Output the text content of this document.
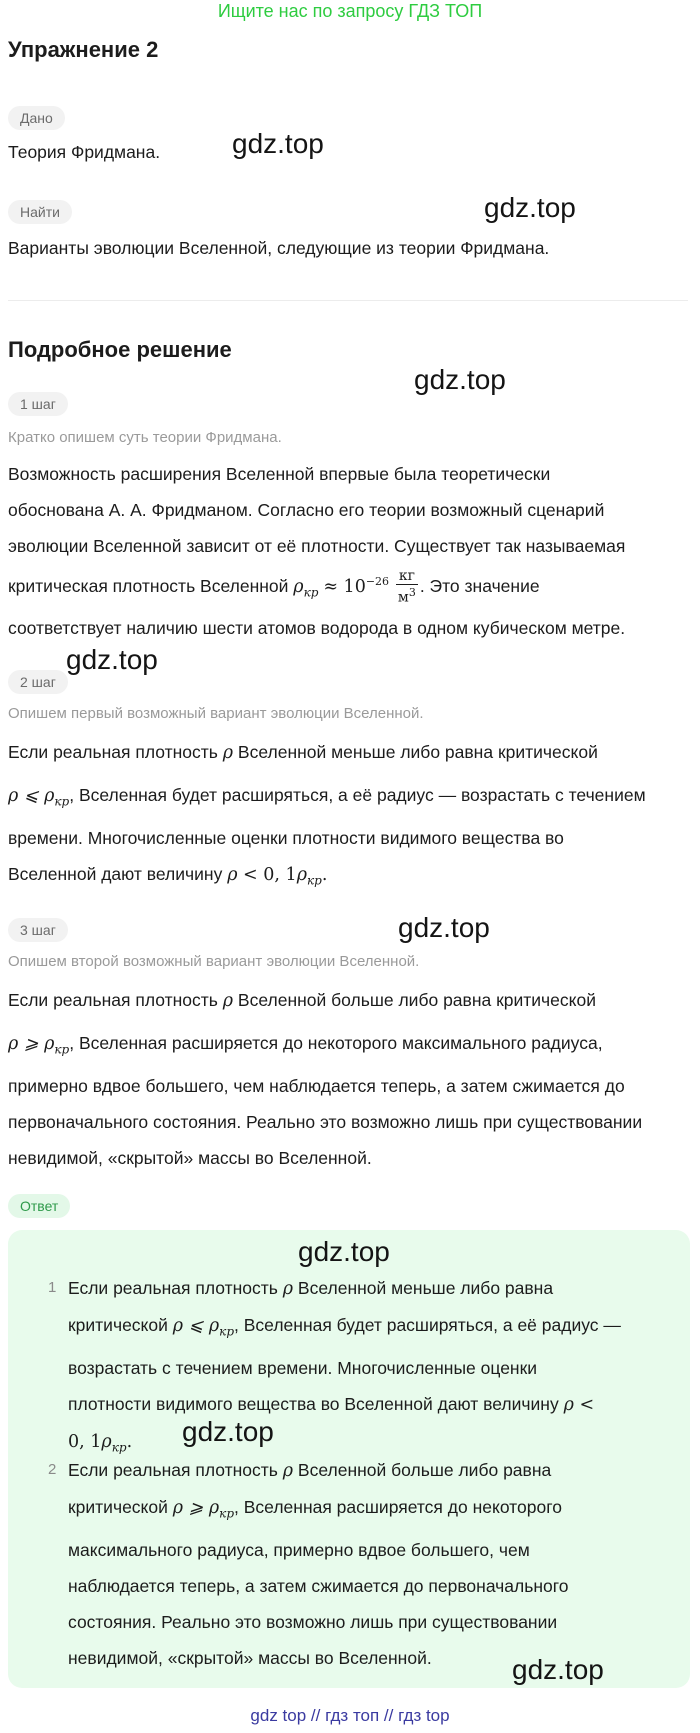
Ищите нас по запросу ГДЗ ТОП
Упражнение 2
Дано
Теория Фридмана.
Найти
Варианты эволюции Вселенной, следующие из теории Фридмана.
Подробное решение
1 шаг
Кратко опишем суть теории Фридмана.
Возможность расширения Вселенной впервые была теоретически
обоснована А. А. Фридманом. Согласно его теории возможный сценарий
эволюции Вселенной зависит от её плотности. Существует так называемая
критическая плотность Вселенной $\rho_{кр} \approx 10^{-26} \frac{кг}{м^3}$ . Это значение
соответствует наличию шести атомов водорода в одном кубическом метре.
2 шаг
Опишем первый возможный вариант эволюции Вселенной.
Если реальная плотность ρ Вселенной меньше либо равна критической
ρ ⩽ $\rho_{кр}$, Вселенная будет расширяться, а её радиус — возрастать с течением
времени. Многочисленные оценки плотности видимого вещества во
Вселенной дают величину ρ < 0, $1\rho_{кр}$.
3 шаг
Опишем второй возможный вариант эволюции Вселенной.
Если реальная плотность ρ Вселенной больше либо равна критической
ρ ⩾ $\rho_{кр}$, Вселенная расширяется до некоторого максимального радиуса,
примерно вдвое большего, чем наблюдается теперь, а затем сжимается до
первоначального состояния. Реально это возможно лишь при существовании
невидимой, «скрытой» массы во Вселенной.
Ответ
1 Если реальная плотность ρ Вселенной меньше либо равна
критической ρ ⩽ $\rho_{кр}$, Вселенная будет расширяться, а её радиус —
возрастать с течением времени. Многочисленные оценки
плотности видимого вещества во Вселенной дают величину ρ <
0, $1\rho_{кр}$.
2 Если реальная плотность ρ Вселенной больше либо равна
критической ρ ⩾ $\rho_{кр}$, Вселенная расширяется до некоторого
максимального радиуса, примерно вдвое большего, чем
наблюдается теперь, а затем сжимается до первоначального
состояния. Реально это возможно лишь при существовании
невидимой, «скрытой» массы во Вселенной.
gdz.top
gdz.top
gdz.top
gdz.top
gdz.top
gdz.top
gdz.top
gdz.top
gdz top // гдз топ // гдз top
